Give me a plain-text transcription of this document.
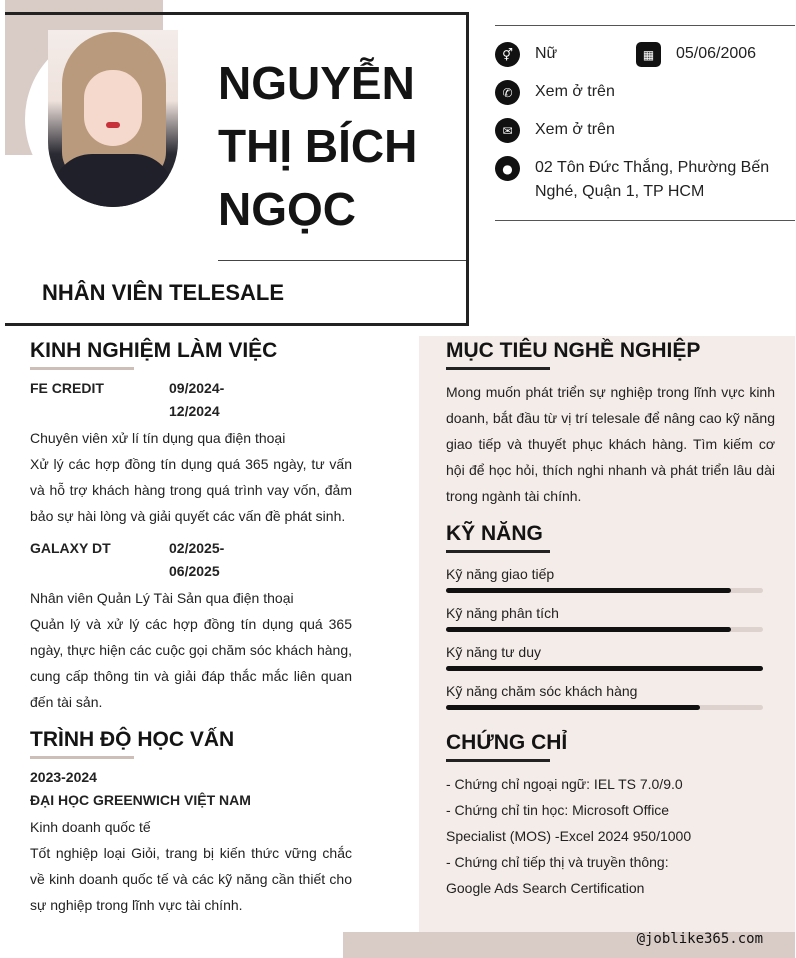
NGUYỄN THỊ BÍCH NGỌC
NHÂN VIÊN TELESALE
⚥	Nữ	▦	05/06/2006
✆	Xem ở trên
✉	Xem ở trên
●	02 Tôn Đức Thắng, Phường Bến Nghé, Quận 1, TP HCM
@joblike365.com
KINH NGHIỆM LÀM VIỆC
FE CREDIT	09/2024-12/2024
Chuyên viên xử lí tín dụng qua điện thoại
Xử lý các hợp đồng tín dụng quá 365 ngày, tư vấn và hỗ trợ khách hàng trong quá trình vay vốn, đảm bảo sự hài lòng và giải quyết các vấn đề phát sinh.
GALAXY DT	02/2025-06/2025
Nhân viên Quản Lý Tài Sản qua điện thoại
Quản lý và xử lý các hợp đồng tín dụng quá 365 ngày, thực hiện các cuộc gọi chăm sóc khách hàng, cung cấp thông tin và giải đáp thắc mắc liên quan đến tài sản.
TRÌNH ĐỘ HỌC VẤN
2023-2024
ĐẠI HỌC GREENWICH VIỆT NAM
Kinh doanh quốc tế
Tốt nghiệp loại Giỏi, trang bị kiến thức vững chắc về kinh doanh quốc tế và các kỹ năng cần thiết cho sự nghiệp trong lĩnh vực tài chính.
MỤC TIÊU NGHỀ NGHIỆP
Mong muốn phát triển sự nghiệp trong lĩnh vực kinh doanh, bắt đầu từ vị trí telesale để nâng cao kỹ năng giao tiếp và thuyết phục khách hàng. Tìm kiếm cơ hội để học hỏi, thích nghi nhanh và phát triển lâu dài trong ngành tài chính.
KỸ NĂNG
Kỹ năng giao tiếp
Kỹ năng phân tích
Kỹ năng tư duy
Kỹ năng chăm sóc khách hàng
CHỨNG CHỈ
- Chứng chỉ ngoại ngữ: IEL TS 7.0/9.0
- Chứng chỉ tin học: Microsoft Office Specialist (MOS) -Excel 2024 950/1000
- Chứng chỉ tiếp thị và truyền thông: Google Ads Search Certification
